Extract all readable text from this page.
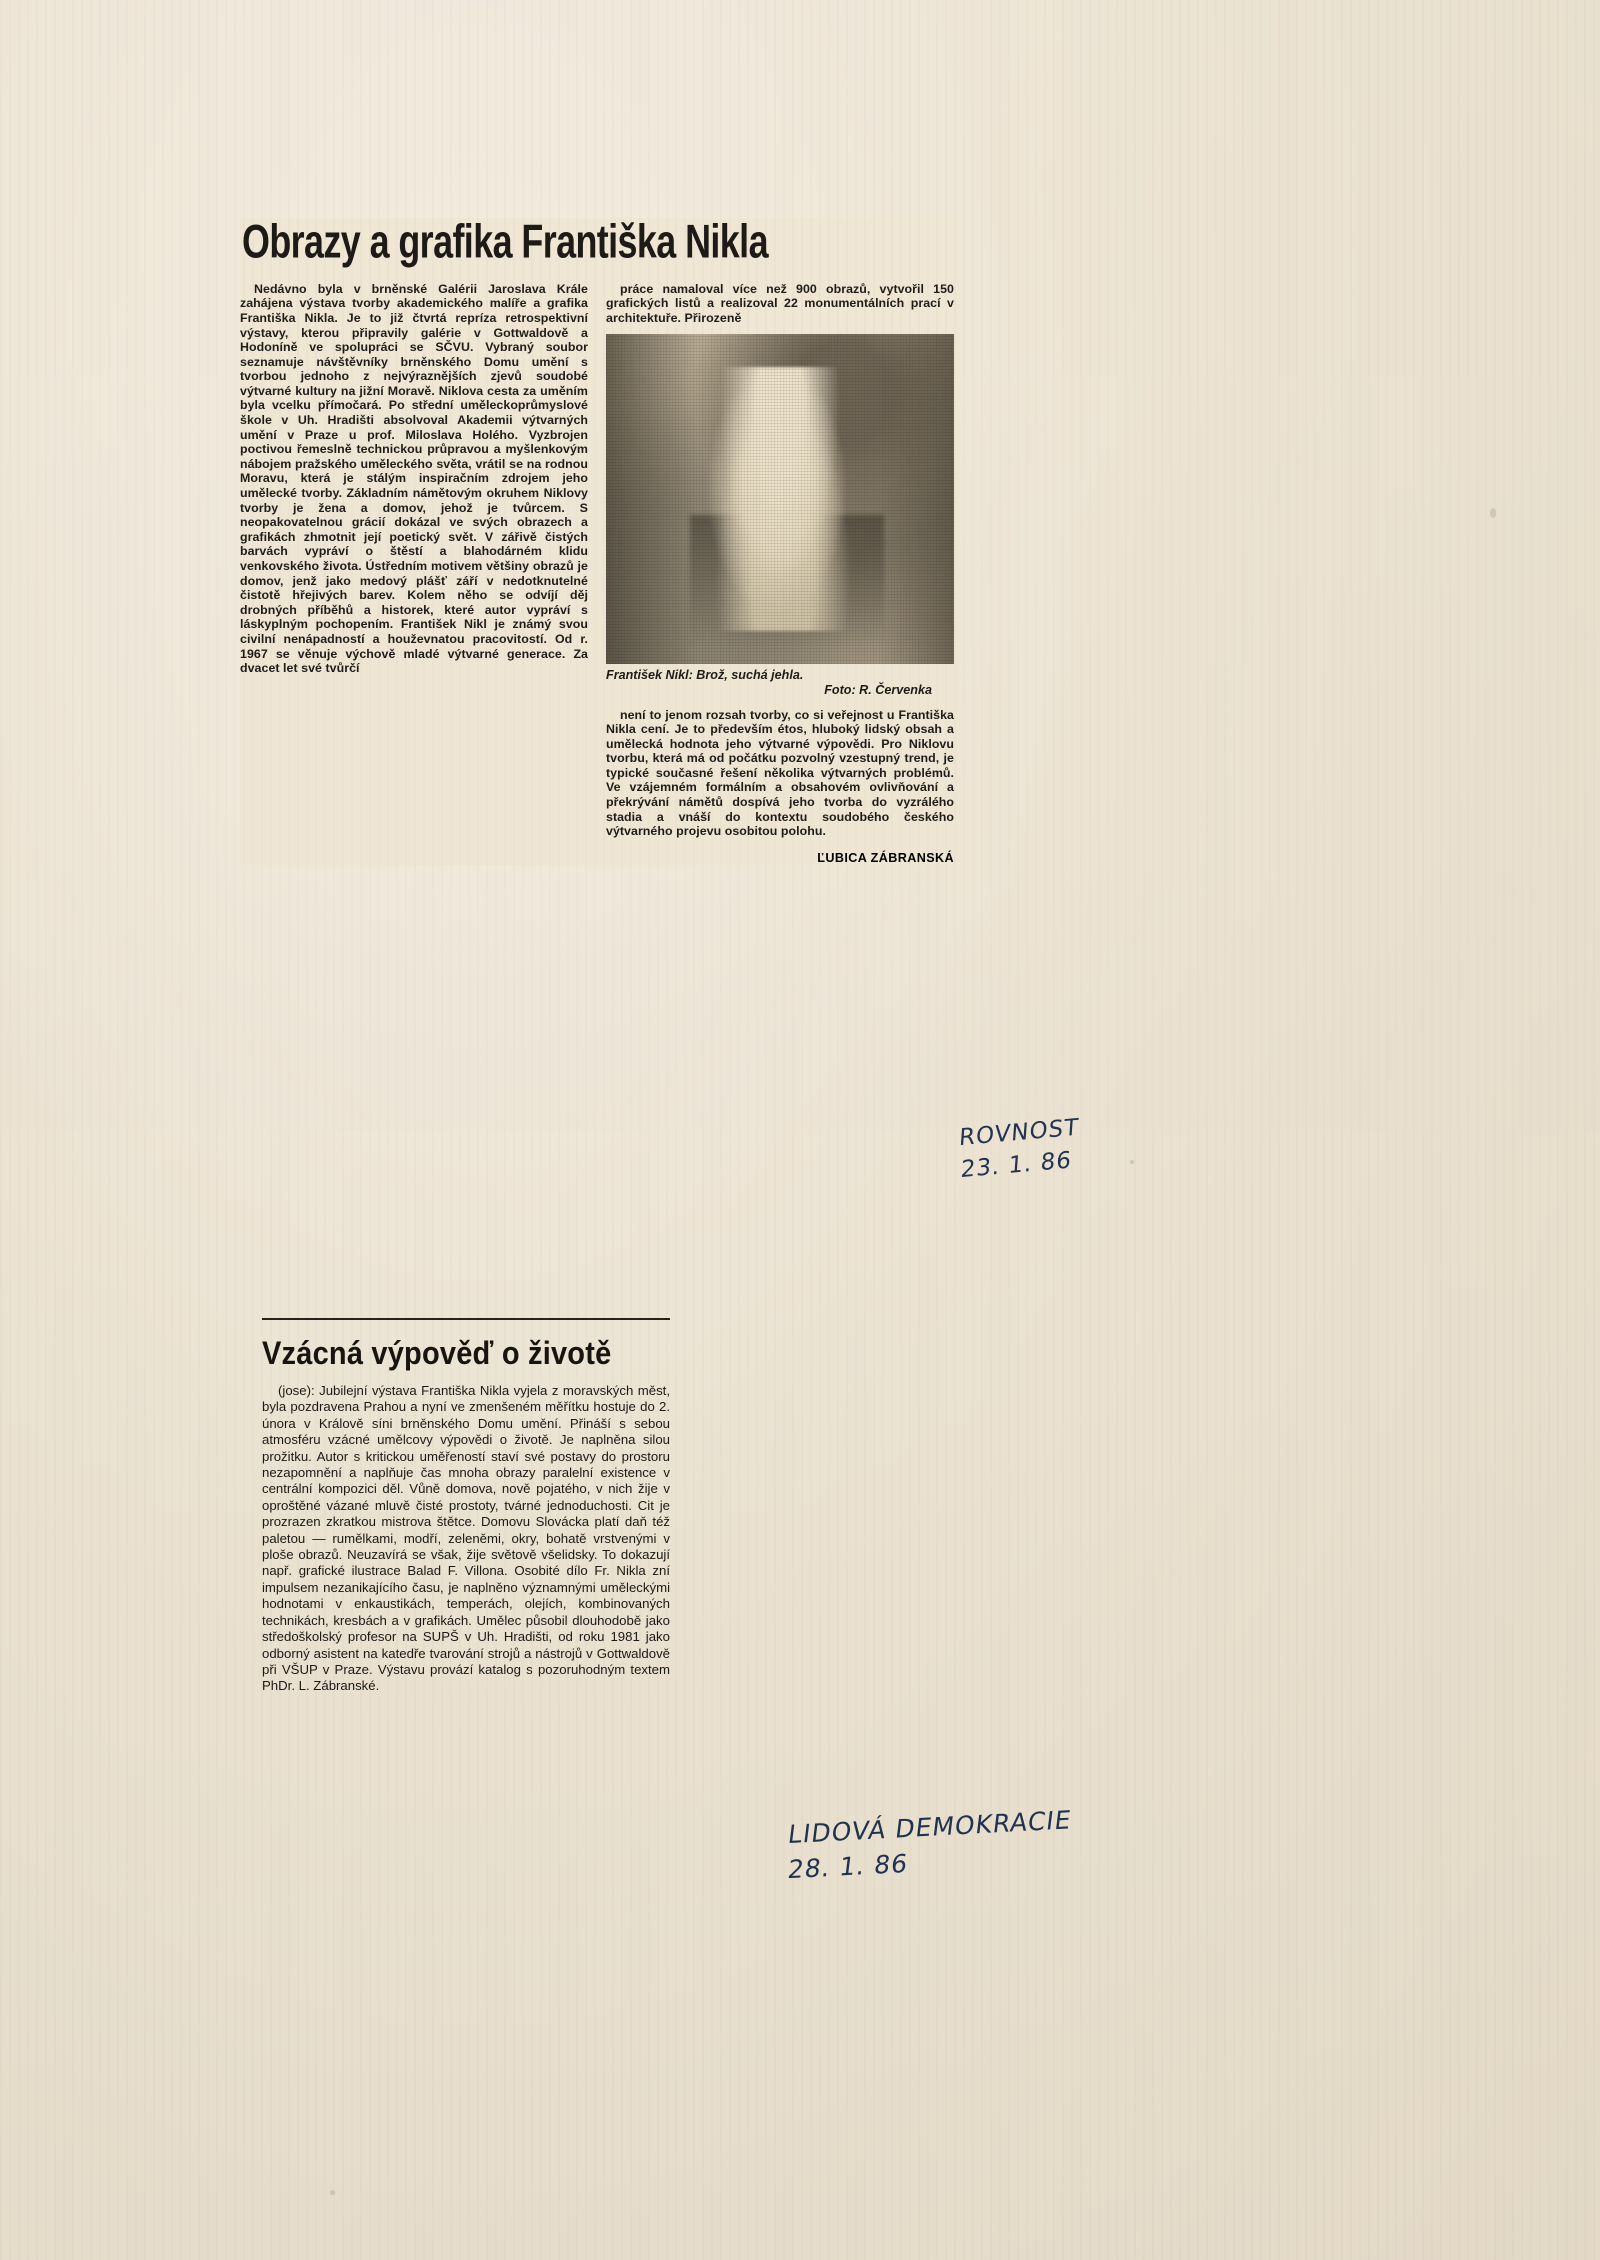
Obrazy a grafika Františka Nikla

Nedávno byla v brněnské Galérii Jaroslava Krále zahájena výstava tvorby akademického malíře a grafika Františka Nikla. Je to již čtvrtá repríza retrospektivní výstavy, kterou připravily galérie v Gottwaldově a Hodoníně ve spolupráci se SČVU. Vybraný soubor seznamuje návštěvníky brněnského Domu umění s tvorbou jednoho z nejvýraznějších zjevů soudobé výtvarné kultury na jižní Moravě. Niklova cesta za uměním byla vcelku přímočará. Po střední uměleckoprůmyslové škole v Uh. Hradišti absolvoval Akademii výtvarných umění v Praze u prof. Miloslava Holého. Vyzbrojen poctivou řemeslně technickou průpravou a myšlenkovým nábojem pražského uměleckého světa, vrátil se na rodnou Moravu, která je stálým inspiračním zdrojem jeho umělecké tvorby. Základním námětovým okruhem Niklovy tvorby je žena a domov, jehož je tvůrcem. S neopakovatelnou grácií dokázal ve svých obrazech a grafikách zhmotnit její poetický svět. V zářivě čistých barvách vypráví o štěstí a blahodárném klidu venkovského života. Ústředním motivem většiny obrazů je domov, jenž jako medový plášť září v nedotknutelné čistotě hřejivých barev. Kolem něho se odvíjí děj drobných příběhů a historek, které autor vypráví s láskyplným pochopením. František Nikl je známý svou civilní nenápadností a houževnatou pracovitostí. Od r. 1967 se věnuje výchově mladé výtvarné generace. Za dvacet let své tvůrčí

práce namaloval více než 900 obrazů, vytvořil 150 grafických listů a realizoval 22 monumentálních prací v architektuře. Přirozeně

František Nikl: Brož, suchá jehla.
Foto: R. Červenka

není to jenom rozsah tvorby, co si veřejnost u Františka Nikla cení. Je to především étos, hluboký lidský obsah a umělecká hodnota jeho výtvarné výpovědi. Pro Niklovu tvorbu, která má od počátku pozvolný vzestupný trend, je typické současné řešení několika výtvarných problémů. Ve vzájemném formálním a obsahovém ovlivňování a překrývání námětů dospívá jeho tvorba do vyzrálého stadia a vnáší do kontextu soudobého českého výtvarného projevu osobitou polohu.

ĽUBICA ZÁBRANSKÁ
ROVNOST
23. 1. 86
Vzácná výpověď o životě

(jose): Jubilejní výstava Františka Nikla vyjela z moravských měst, byla pozdravena Prahou a nyní ve zmenšeném měřítku hostuje do 2. února v Králově síni brněnského Domu umění. Přináší s sebou atmosféru vzácné umělcovy výpovědi o životě. Je naplněna silou prožitku. Autor s kritickou uměřeností staví své postavy do prostoru nezapomnění a naplňuje čas mnoha obrazy paralelní existence v centrální kompozici děl. Vůně domova, nově pojatého, v nich žije v oproštěné vázané mluvě čisté prostoty, tvárné jednoduchosti. Cit je prozrazen zkratkou mistrova štětce. Domovu Slovácka platí daň též paletou — rumělkami, modří, zeleněmi, okry, bohatě vrstvenými v ploše obrazů. Neuzavírá se však, žije světově všelidsky. To dokazují např. grafické ilustrace Balad F. Villona. Osobité dílo Fr. Nikla zní impulsem nezanikajícího času, je naplněno významnými uměleckými hodnotami v enkaustikách, temperách, olejích, kombinovaných technikách, kresbách a v grafikách. Umělec působil dlouhodobě jako středoškolský profesor na SUPŠ v Uh. Hradišti, od roku 1981 jako odborný asistent na katedře tvarování strojů a nástrojů v Gottwaldově při VŠUP v Praze. Výstavu provází katalog s pozoruhodným textem PhDr. L. Zábranské.

LIDOVÁ DEMOKRACIE
28. 1. 86
